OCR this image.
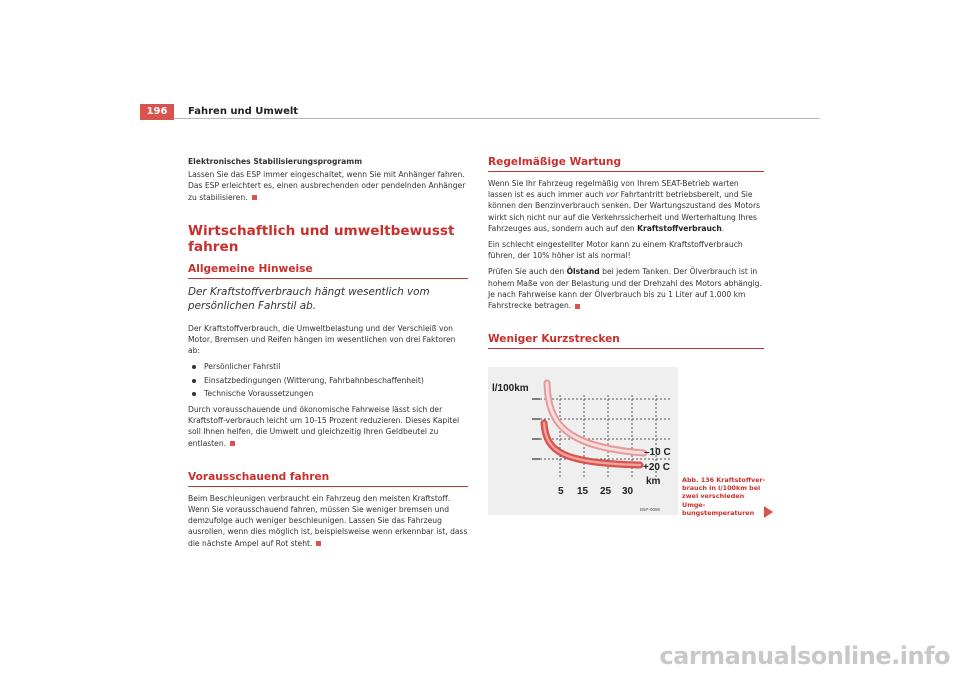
196	Fahren und Umwelt

Elektronisches Stabilisierungsprogramm

Lassen Sie das ESP immer eingeschaltet, wenn Sie mit Anhänger fahren. Das ESP erleichtert es, einen ausbrechenden oder pendelnden Anhänger zu stabilisieren.

Wirtschaftlich und umweltbewusst fahren

Allgemeine Hinweise

Der Kraftstoffverbrauch hängt wesentlich vom persönlichen Fahrstil ab.

Der Kraftstoffverbrauch, die Umweltbelastung und der Verschleiß von Motor, Bremsen und Reifen hängen im wesentlichen von drei Faktoren ab:

Persönlicher Fahrstil
Einsatzbedingungen (Witterung, Fahrbahnbeschaffenheit)
Technische Voraussetzungen

Durch vorausschauende und ökonomische Fahrweise lässt sich der Kraftstoff-verbrauch leicht um 10-15 Prozent reduzieren. Dieses Kapitel soll Ihnen helfen, die Umwelt und gleichzeitig Ihren Geldbeutel zu entlasten.

Vorausschauend fahren

Beim Beschleunigen verbraucht ein Fahrzeug den meisten Kraftstoff. Wenn Sie vorausschauend fahren, müssen Sie weniger bremsen und demzufolge auch weniger beschleunigen. Lassen Sie das Fahrzeug ausrollen, wenn dies möglich ist, beispielsweise wenn erkennbar ist, dass die nächste Ampel auf Rot steht.

Regelmäßige Wartung

Wenn Sie Ihr Fahrzeug regelmäßig von Ihrem SEAT-Betrieb warten lassen ist es auch immer auch vor Fahrtantritt betriebsbereit, und Sie können den Benzinverbrauch senken. Der Wartungszustand des Motors wirkt sich nicht nur auf die Verkehrssicherheit und Werterhaltung Ihres Fahrzeuges aus, sondern auch auf den Kraftstoffverbrauch.

Ein schlecht eingestellter Motor kann zu einem Kraftstoffverbrauch führen, der 10% höher ist als normal!

Prüfen Sie auch den Ölstand bei jedem Tanken. Der Ölverbrauch ist in hohem Maße von der Belastung und der Drehzahl des Motors abhängig. Je nach Fahrweise kann der Ölverbrauch bis zu 1 Liter auf 1.000 km Fahrstrecke betragen.

Weniger Kurzstrecken

l/100km
–10 C
+20 C
km
5 15 25 30
B5P-0096
Abb. 136 Kraftstoffver-brauch in l/100km bei zwei verschieden Umge-bungstemperaturen
carmanualsonline.info
